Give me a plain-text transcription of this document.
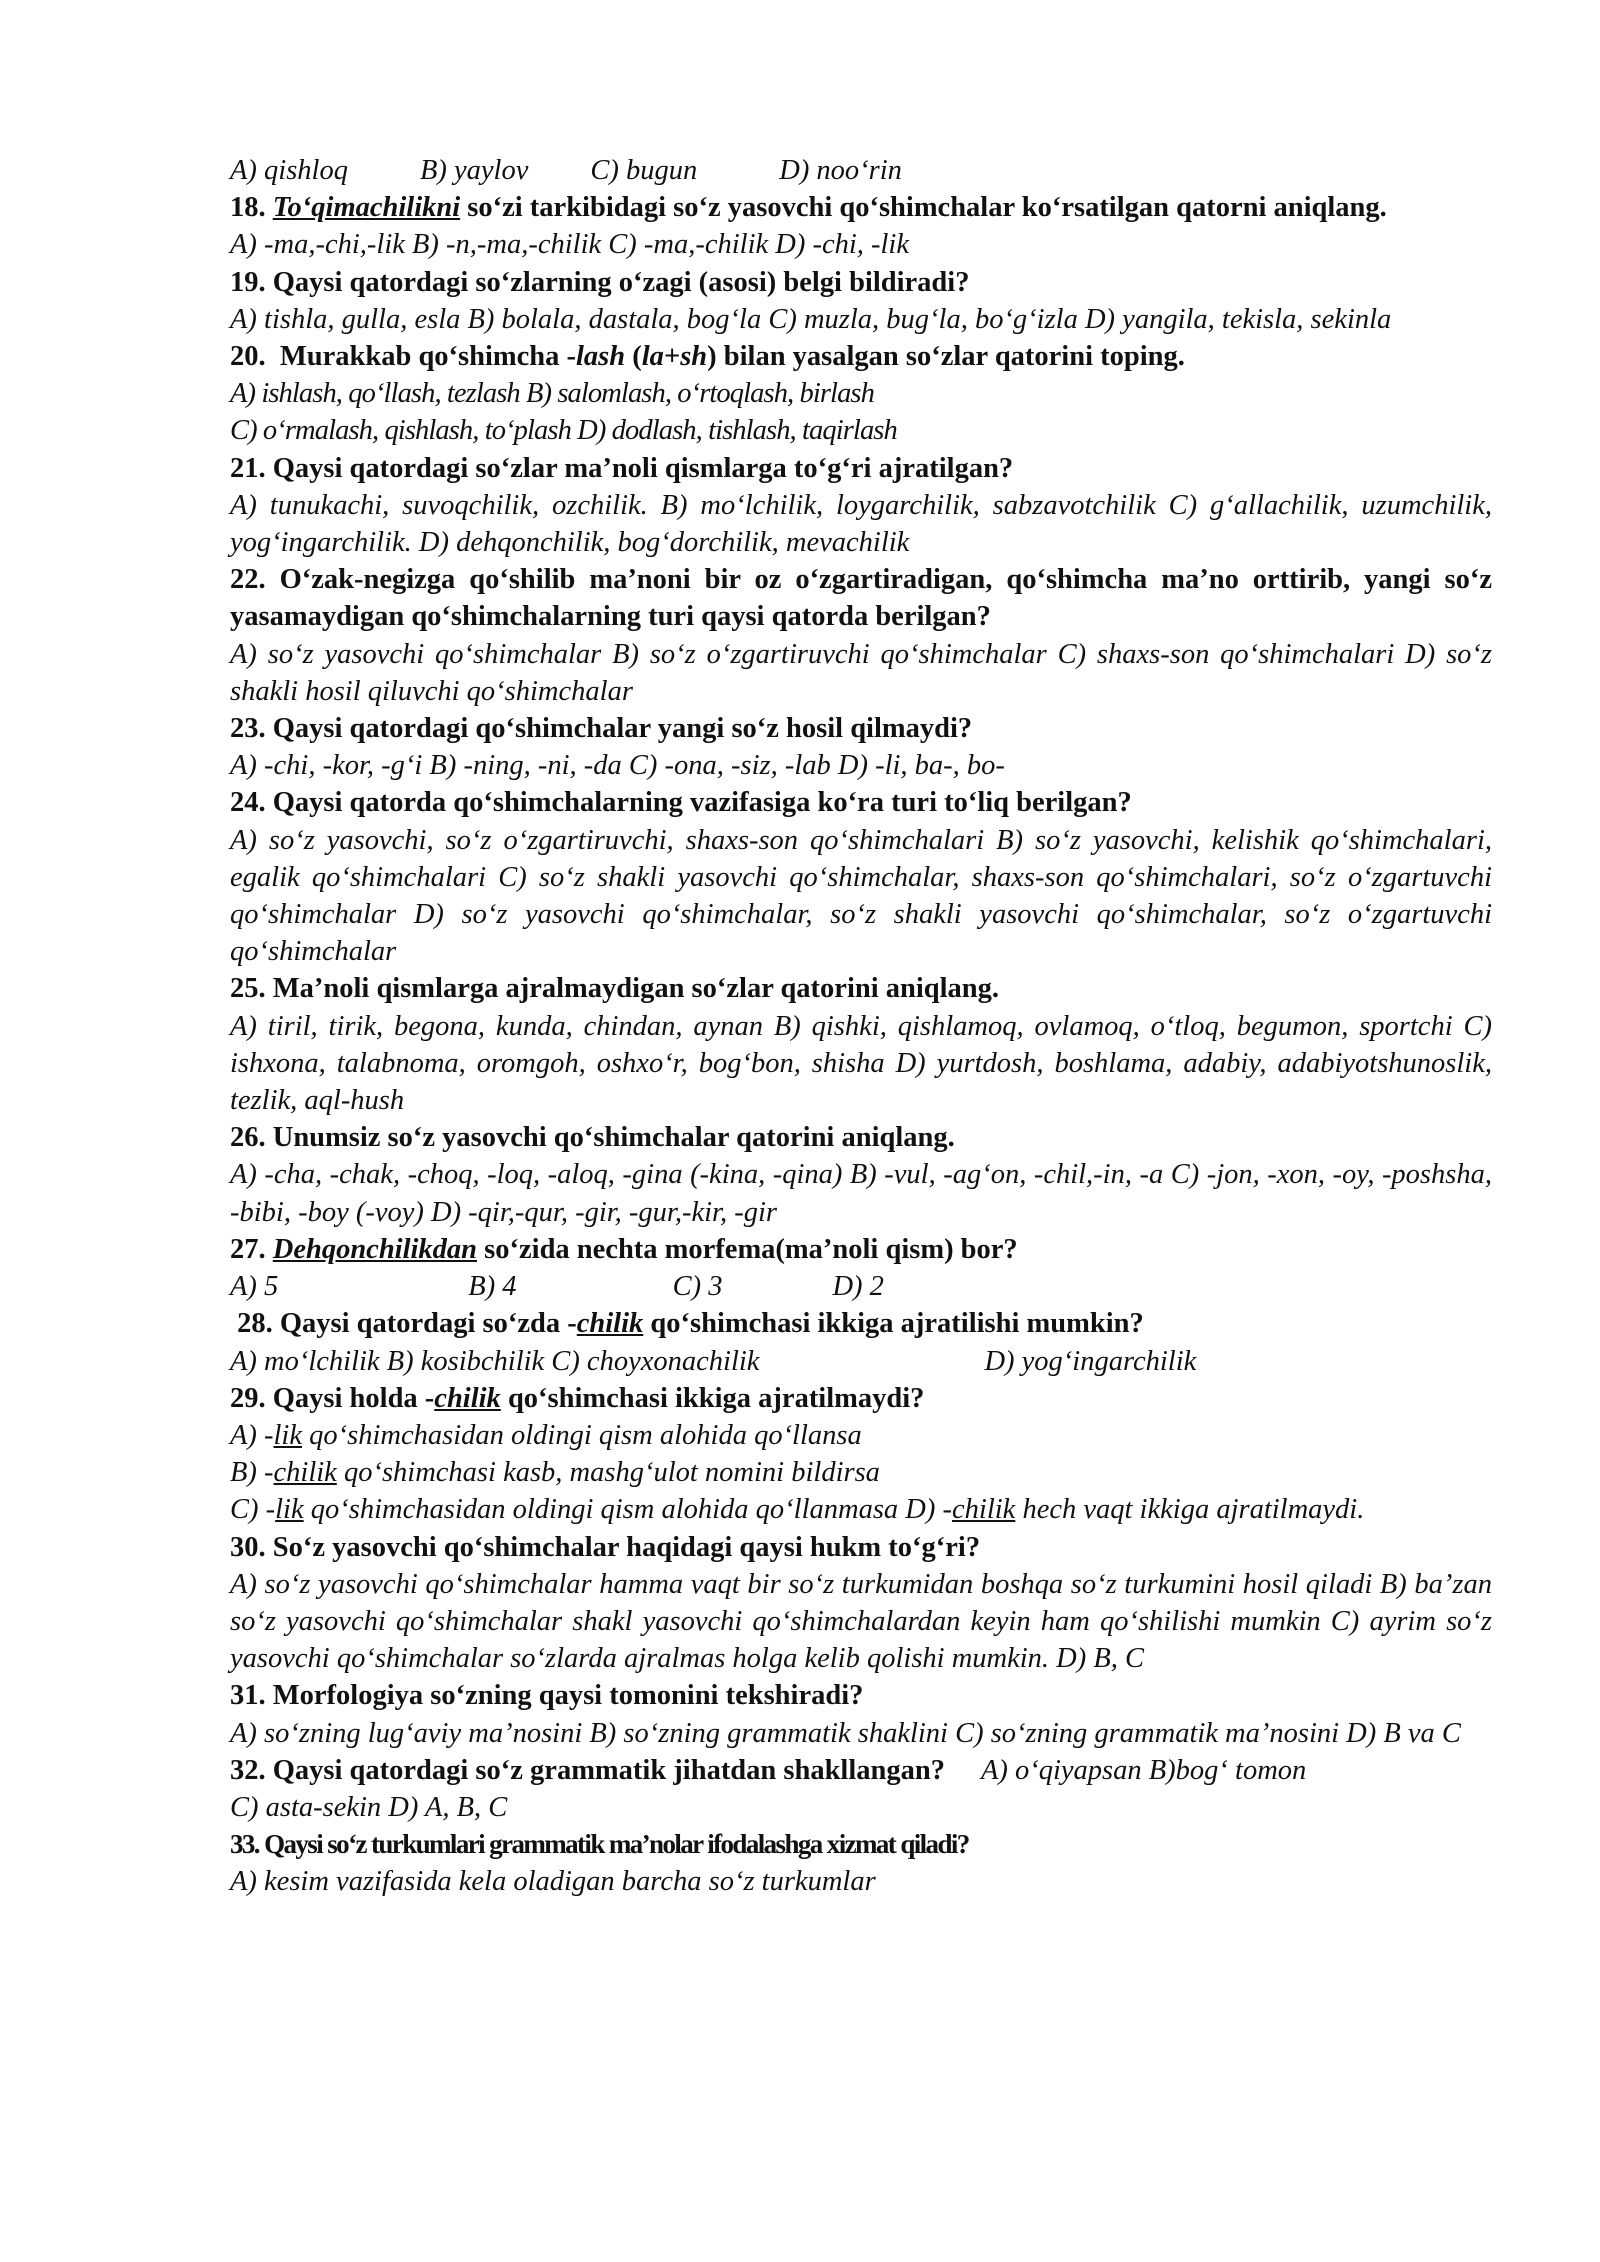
A) qishloq	B) yaylov C) bugun	D) noo‘rin
18. To‘qimachilikni so‘zi tarkibidagi so‘z yasovchi qo‘shimchalar ko‘rsatilgan qatorni aniqlang.
A) -ma,-chi,-lik B) -n,-ma,-chilik C) -ma,-chilik D) -chi, -lik
19. Qaysi qatordagi so‘zlarning o‘zagi (asosi) belgi bildiradi?
A) tishla, gulla, esla B) bolala, dastala, bog‘la C) muzla, bug‘la, bo‘g‘izla D) yangila, tekisla, sekinla
20. Murakkab qo‘shimcha -lash (la+sh) bilan yasalgan so‘zlar qatorini toping.
A) ishlash, qo‘llash, tezlash B) salomlash, o‘rtoqlash, birlash
C) o‘rmalash, qishlash, to‘plash D) dodlash, tishlash, taqirlash
21. Qaysi qatordagi so‘zlar ma’noli qismlarga to‘g‘ri ajratilgan?
A) tunukachi, suvoqchilik, ozchilik. B) mo‘lchilik, loygarchilik, sabzavotchilik C) g‘allachilik, uzumchilik, yog‘ingarchilik. D) dehqonchilik, bog‘dorchilik, mevachilik
22. O‘zak-negizga qo‘shilib ma’noni bir oz o‘zgartiradigan, qo‘shimcha ma’no orttirib, yangi so‘z yasamaydigan qo‘shimchalarning turi qaysi qatorda berilgan?
A) so‘z yasovchi qo‘shimchalar B) so‘z o‘zgartiruvchi qo‘shimchalar C) shaxs-son qo‘shimchalari D) so‘z shakli hosil qiluvchi qo‘shimchalar
23. Qaysi qatordagi qo‘shimchalar yangi so‘z hosil qilmaydi?
A) -chi, -kor, -g‘i B) -ning, -ni, -da C) -ona, -siz, -lab D) -li, ba-, bo-
24. Qaysi qatorda qo‘shimchalarning vazifasiga ko‘ra turi to‘liq berilgan?
A) so‘z yasovchi, so‘z o‘zgartiruvchi, shaxs-son qo‘shimchalari B) so‘z yasovchi, kelishik qo‘shimchalari, egalik qo‘shimchalari C) so‘z shakli yasovchi qo‘shimchalar, shaxs-son qo‘shimchalari, so‘z o‘zgartuvchi qo‘shimchalar D) so‘z yasovchi qo‘shimchalar, so‘z shakli yasovchi qo‘shimchalar, so‘z o‘zgartuvchi qo‘shimchalar
25. Ma’noli qismlarga ajralmaydigan so‘zlar qatorini aniqlang.
A) tiril, tirik, begona, kunda, chindan, aynan B) qishki, qishlamoq, ovlamoq, o‘tloq, begumon, sportchi C) ishxona, talabnoma, oromgoh, oshxo‘r, bog‘bon, shisha D) yurtdosh, boshlama, adabiy, adabiyotshunoslik, tezlik, aql-hush
26. Unumsiz so‘z yasovchi qo‘shimchalar qatorini aniqlang.
A) -cha, -chak, -choq, -loq, -aloq, -gina (-kina, -qina) B) -vul, -ag‘on, -chil,-in, -a C) -jon, -xon, -oy, -poshsha, -bibi, -boy (-voy) D) -qir,-qur, -gir, -gur,-kir, -gir
27. Dehqonchilikdan so‘zida nechta morfema(ma’noli qism) bor?
A) 5	B) 4	C) 3	D) 2
28. Qaysi qatordagi so‘zda -chilik qo‘shimchasi ikkiga ajratilishi mumkin?
A) mo‘lchilik B) kosibchilik C) choyxonachilik	D) yog‘ingarchilik
29. Qaysi holda -chilik qo‘shimchasi ikkiga ajratilmaydi?
A) -lik qo‘shimchasidan oldingi qism alohida qo‘llansa
B) -chilik qo‘shimchasi kasb, mashg‘ulot nomini bildirsa
C) -lik qo‘shimchasidan oldingi qism alohida qo‘llanmasa D) -chilik hech vaqt ikkiga ajratilmaydi.
30. So‘z yasovchi qo‘shimchalar haqidagi qaysi hukm to‘g‘ri?
A) so‘z yasovchi qo‘shimchalar hamma vaqt bir so‘z turkumidan boshqa so‘z turkumini hosil qiladi B) ba’zan so‘z yasovchi qo‘shimchalar shakl yasovchi qo‘shimchalardan keyin ham qo‘shilishi mumkin C) ayrim so‘z yasovchi qo‘shimchalar so‘zlarda ajralmas holga kelib qolishi mumkin. D) B, C
31. Morfologiya so‘zning qaysi tomonini tekshiradi?
A) so‘zning lug‘aviy ma’nosini B) so‘zning grammatik shaklini C) so‘zning grammatik ma’nosini D) B va C
32. Qaysi qatordagi so‘z grammatik jihatdan shakllangan? A) o‘qiyapsan B)bog‘ tomon
C) asta-sekin D) A, B, C
33. Qaysi so‘z turkumlari grammatik ma’nolar ifodalashga xizmat qiladi?
A) kesim vazifasida kela oladigan barcha so‘z turkumlar
